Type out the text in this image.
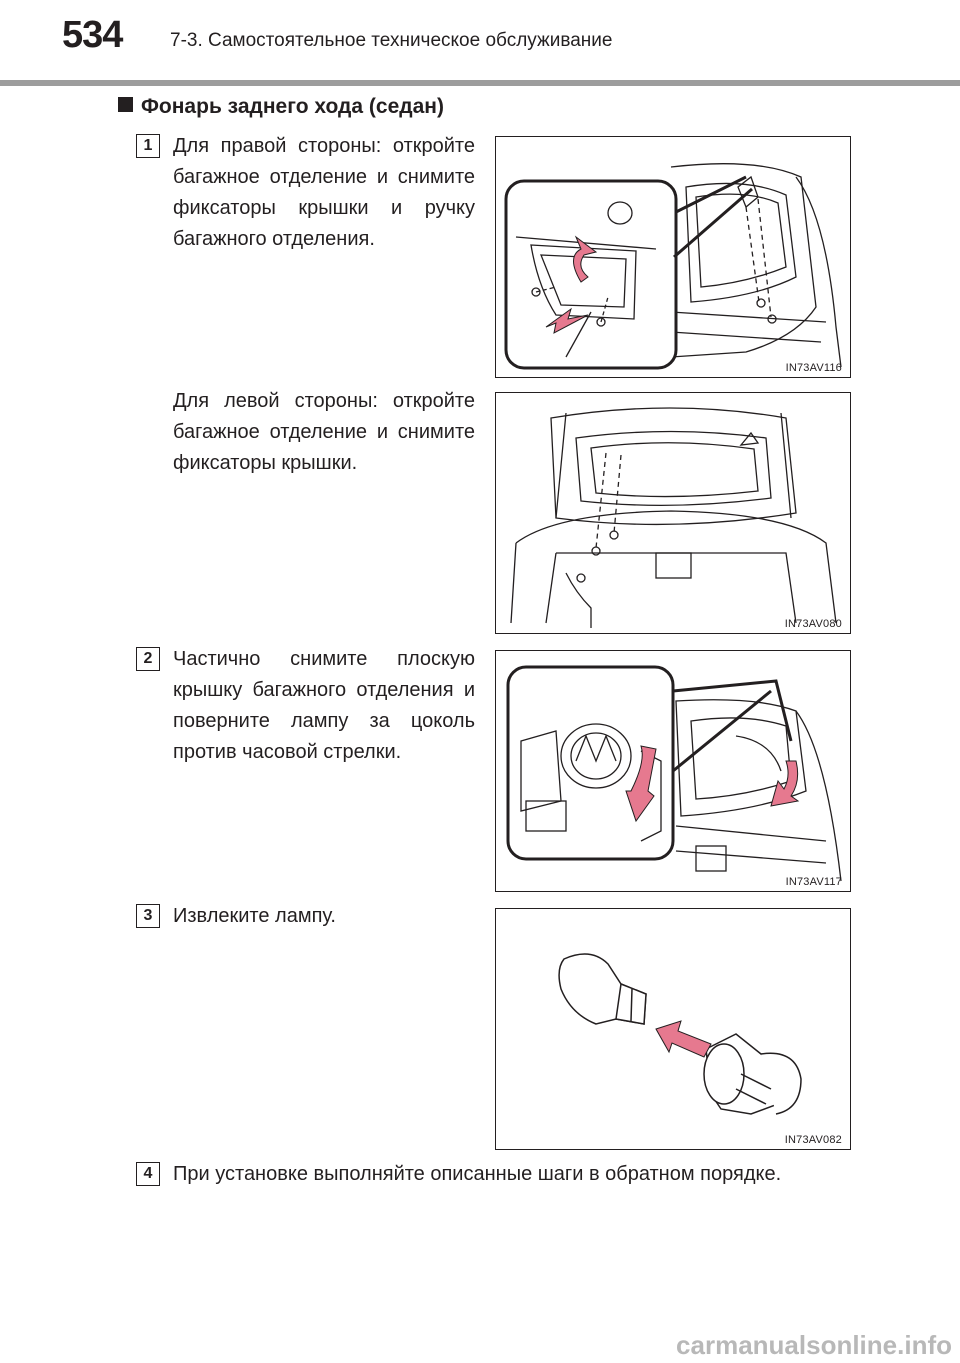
534	7-3. Самостоятельное техническое обслуживание
Фонарь заднего хода (седан)
1	Для правой стороны: откройте багажное отделение и снимите фиксаторы крышки и ручку багажного отделения.
Для левой стороны: откройте багажное отделение и снимите фиксаторы крышки.
IN73AV116
IN73AV080
2	Частично снимите плоскую крышку багажного отделения и поверните лампу за цоколь против часовой стрелки.
IN73AV117
3	Извлеките лампу.
IN73AV082
4	При установке выполняйте описанные шаги в обратном порядке.
carmanualsonline.info
